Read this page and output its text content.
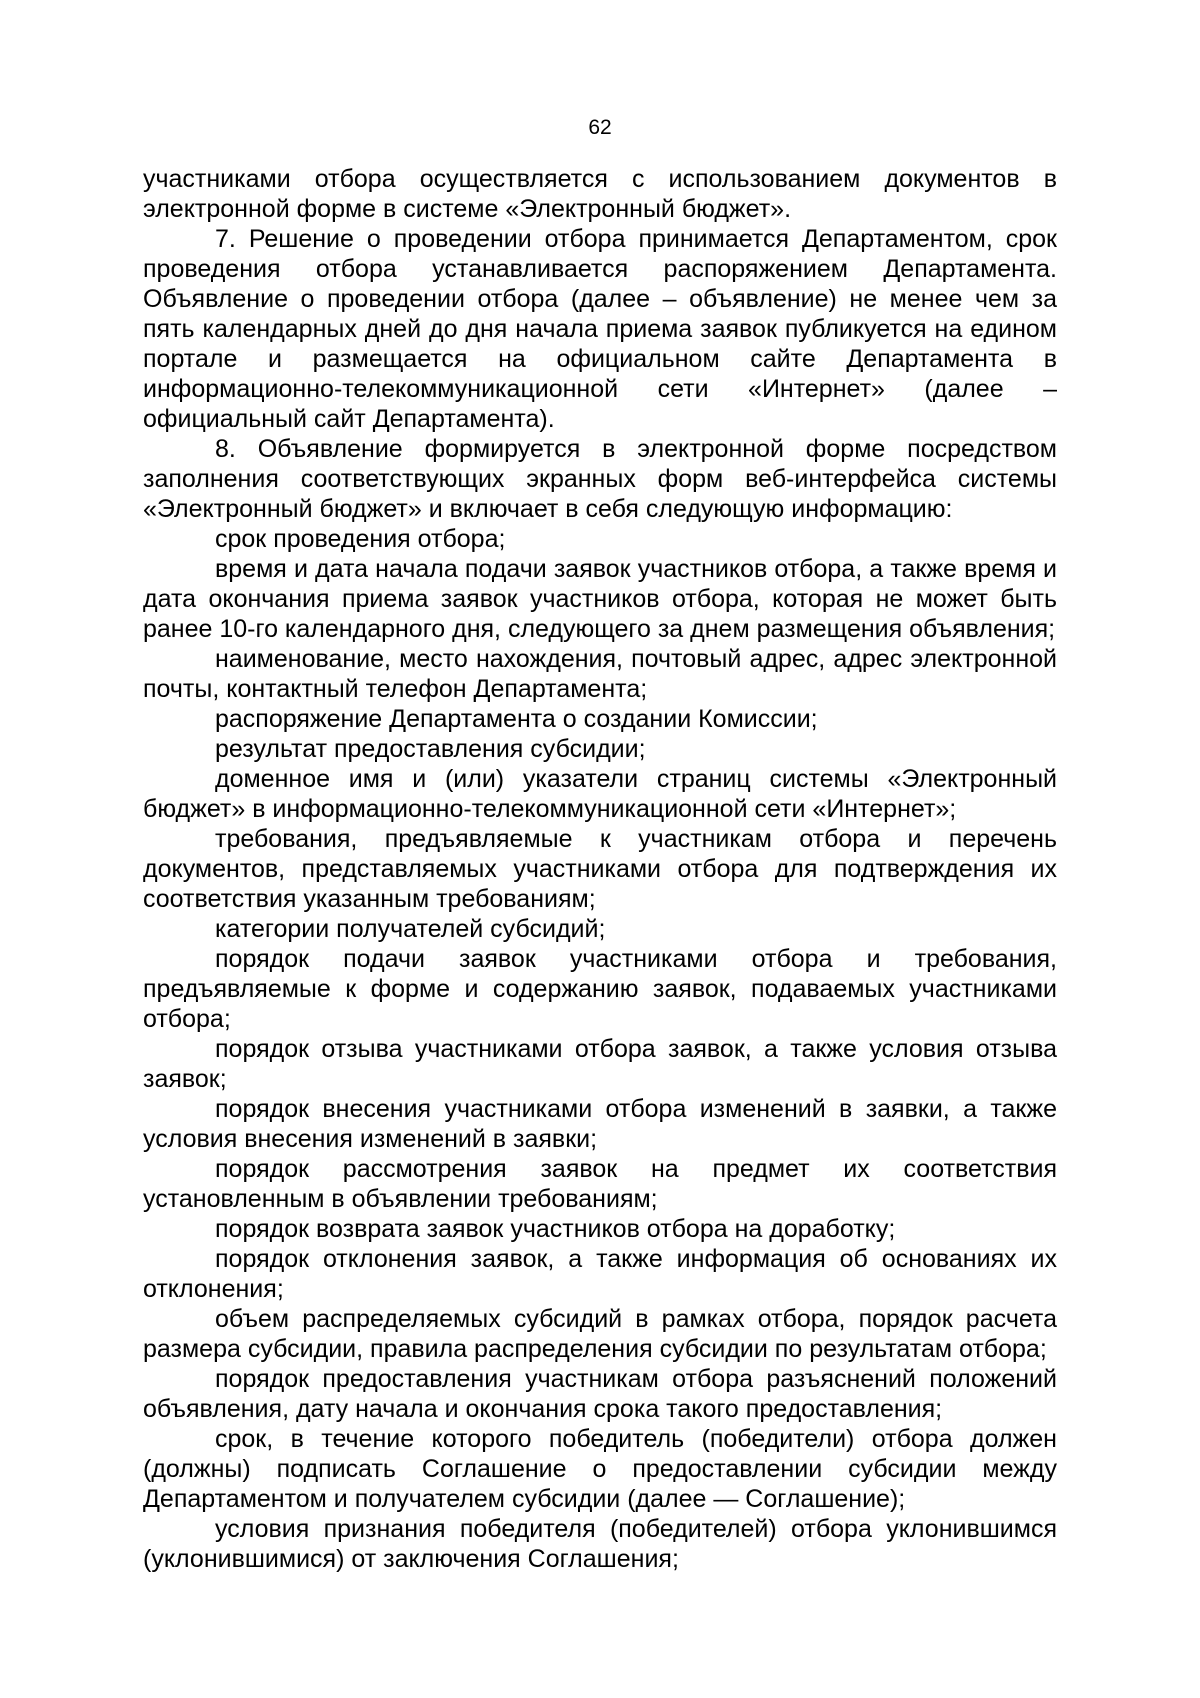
62

участниками отбора осуществляется с использованием документов в электронной форме в системе «Электронный бюджет».

7. Решение о проведении отбора принимается Департаментом, срок проведения отбора устанавливается распоряжением Департамента. Объявление о проведении отбора (далее – объявление) не менее чем за пять календарных дней до дня начала приема заявок публикуется на едином портале и размещается на официальном сайте Департамента в информационно-телекоммуникационной сети «Интернет» (далее – официальный сайт Департамента).

8. Объявление формируется в электронной форме посредством заполнения соответствующих экранных форм веб-интерфейса системы «Электронный бюджет» и включает в себя следующую информацию:

срок проведения отбора;

время и дата начала подачи заявок участников отбора, а также время и дата окончания приема заявок участников отбора, которая не может быть ранее 10-го календарного дня, следующего за днем размещения объявления;

наименование, место нахождения, почтовый адрес, адрес электронной почты, контактный телефон Департамента;

распоряжение Департамента о создании Комиссии;

результат предоставления субсидии;

доменное имя и (или) указатели страниц системы «Электронный бюджет» в информационно-телекоммуникационной сети «Интернет»;

требования, предъявляемые к участникам отбора и перечень документов, представляемых участниками отбора для подтверждения их соответствия указанным требованиям;

категории получателей субсидий;

порядок подачи заявок участниками отбора и требования, предъявляемые к форме и содержанию заявок, подаваемых участниками отбора;

порядок отзыва участниками отбора заявок, а также условия отзыва заявок;

порядок внесения участниками отбора изменений в заявки, а также условия внесения изменений в заявки;

порядок рассмотрения заявок на предмет их соответствия установленным в объявлении требованиям;

порядок возврата заявок участников отбора на доработку;

порядок отклонения заявок, а также информация об основаниях их отклонения;

объем распределяемых субсидий в рамках отбора, порядок расчета размера субсидии, правила распределения субсидии по результатам отбора;

порядок предоставления участникам отбора разъяснений положений объявления, дату начала и окончания срока такого предоставления;

срок, в течение которого победитель (победители) отбора должен (должны) подписать Соглашение о предоставлении субсидии между Департаментом и получателем субсидии (далее — Соглашение);

условия признания победителя (победителей) отбора уклонившимся (уклонившимися) от заключения Соглашения;
